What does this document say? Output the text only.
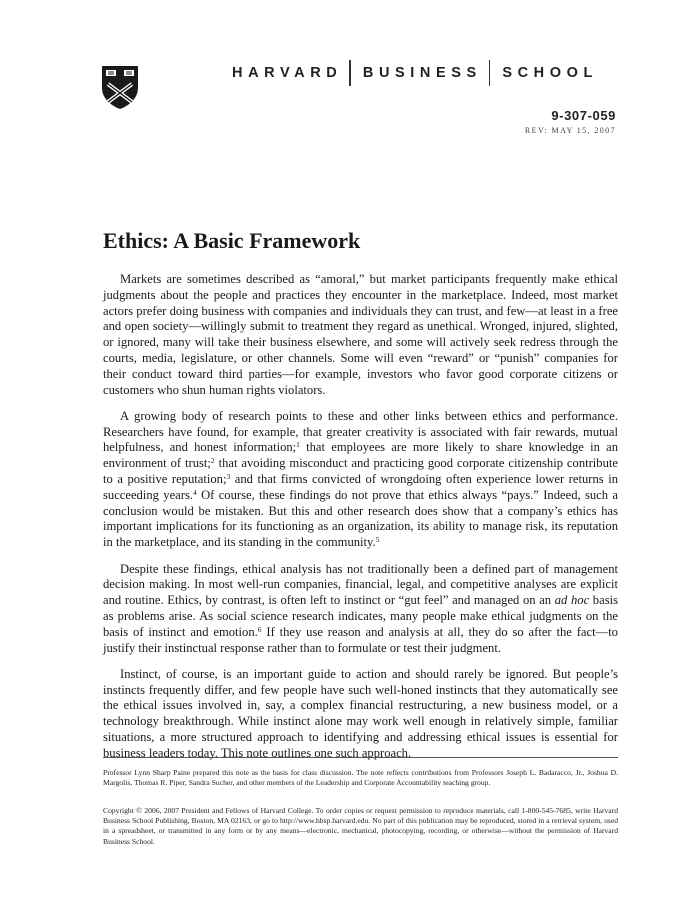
HARVARD BUSINESS SCHOOL
9-307-059
REV: MAY 15, 2007
Ethics: A Basic Framework

Markets are sometimes described as “amoral,” but market participants frequently make ethical judgments about the people and practices they encounter in the marketplace. Indeed, most market actors prefer doing business with companies and individuals they can trust, and few—at least in a free and open society—willingly submit to treatment they regard as unethical. Wronged, injured, slighted, or ignored, many will take their business elsewhere, and some will actively seek redress through the courts, media, legislature, or other channels. Some will even “reward” or “punish” companies for their conduct toward third parties—for example, investors who favor good corporate citizens or customers who shun human rights violators.

A growing body of research points to these and other links between ethics and performance. Researchers have found, for example, that greater creativity is associated with fair rewards, mutual helpfulness, and honest information;$^1$ that employees are more likely to share knowledge in an environment of trust;$^2$ that avoiding misconduct and practicing good corporate citizenship contribute to a positive reputation;$^3$ and that firms convicted of wrongdoing often experience lower returns in succeeding years.$^4$ Of course, these findings do not prove that ethics always “pays.” Indeed, such a conclusion would be mistaken. But this and other research does show that a company’s ethics has important implications for its functioning as an organization, its ability to manage risk, its reputation in the marketplace, and its standing in the community.$^5$

Despite these findings, ethical analysis has not traditionally been a defined part of management decision making. In most well-run companies, financial, legal, and competitive analyses are explicit and routine. Ethics, by contrast, is often left to instinct or “gut feel” and managed on an ad hoc basis as problems arise. As social science research indicates, many people make ethical judgments on the basis of instinct and emotion.$^6$ If they use reason and analysis at all, they do so after the fact—to justify their instinctual response rather than to formulate or test their judgment.

Instinct, of course, is an important guide to action and should rarely be ignored. But people’s instincts frequently differ, and few people have such well-honed instincts that they automatically see the ethical issues involved in, say, a complex financial restructuring, a new business model, or a technology breakthrough. While instinct alone may work well enough in relatively simple, familiar situations, a more structured approach to identifying and addressing ethical issues is essential for business leaders today. This note outlines one such approach.

Professor Lynn Sharp Paine prepared this note as the basis for class discussion. The note reflects contributions from Professors Joseph L. Badaracco, Jr., Joshua D. Margolis, Thomas R. Piper, Sandra Sucher, and other members of the Leadership and Corporate Accountability teaching group.
Copyright © 2006, 2007 President and Fellows of Harvard College. To order copies or request permission to reproduce materials, call 1-800-545-7685, write Harvard Business School Publishing, Boston, MA 02163, or go to http://www.hbsp.harvard.edu. No part of this publication may be reproduced, stored in a retrieval system, used in a spreadsheet, or transmitted in any form or by any means—electronic, mechanical, photocopying, recording, or otherwise—without the permission of Harvard Business School.
